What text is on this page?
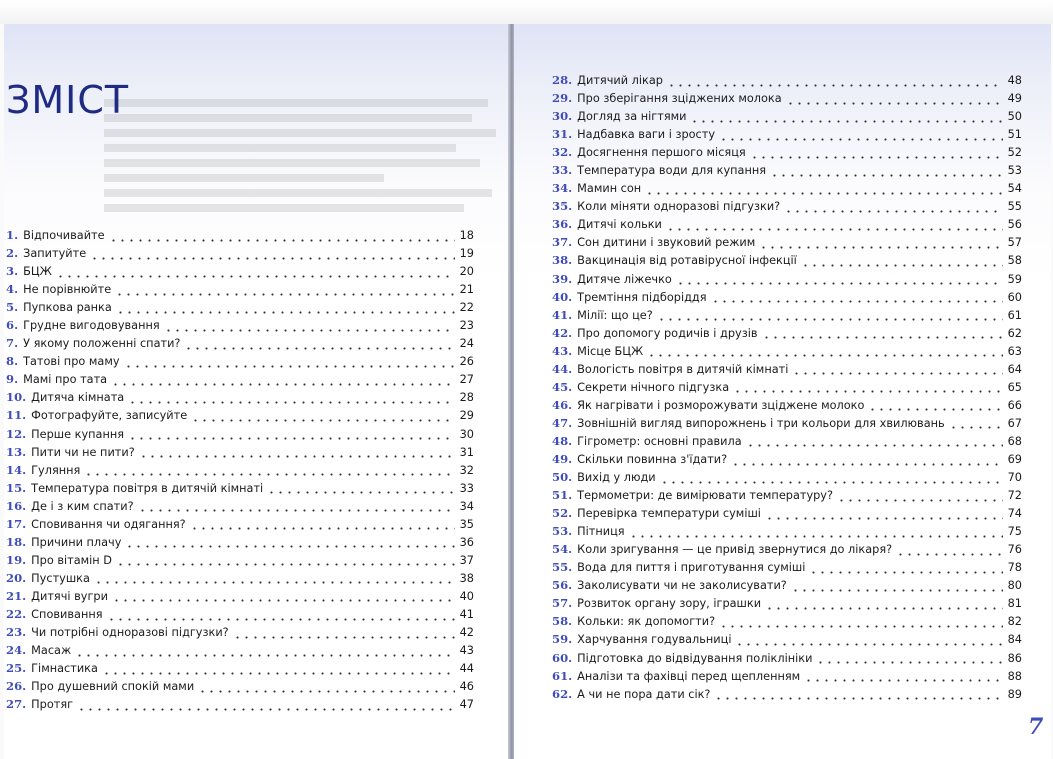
ЗМІСТ
1. Відпочивайте	18
2. Запитуйте	19
3. БЦЖ	20
4. Не порівнюйте	21
5. Пупкова ранка	22
6. Грудне вигодовування	23
7. У якому положенні спати?	24
8. Татові про маму	26
9. Мамі про тата	27
10. Дитяча кімната	28
11. Фотографуйте, записуйте	29
12. Перше купання	30
13. Пити чи не пити?	31
14. Гуляння	32
15. Температура повітря в дитячій кімнаті	33
16. Де і з ким спати?	34
17. Сповивання чи одягання?	35
18. Причини плачу	36
19. Про вітамін D	37
20. Пустушка	38
21. Дитячі вугри	40
22. Сповивання	41
23. Чи потрібні одноразові підгузки?	42
24. Масаж	43
25. Гімнастика	44
26. Про душевний спокій мами	46
27. Протяг	47
28. Дитячий лікар	48
29. Про зберігання зціджених молока	49
30. Догляд за нігтями	50
31. Надбавка ваги і зросту	51
32. Досягнення першого місяця	52
33. Температура води для купання	53
34. Мамин сон	54
35. Коли міняти одноразові підгузки?	55
36. Дитячі кольки	56
37. Сон дитини і звуковий режим	57
38. Вакцинація від ротавірусної інфекції	58
39. Дитяче ліжечко	59
40. Тремтіння підборіддя	60
41. Мілії: що це?	61
42. Про допомогу родичів і друзів	62
43. Місце БЦЖ	63
44. Вологість повітря в дитячій кімнаті	64
45. Секрети нічного підгузка	65
46. Як нагрівати і розморожувати зціджене молоко	66
47. Зовнішній вигляд випорожнень і три кольори для хвилювань	67
48. Гігрометр: основні правила	68
49. Скільки повинна з'їдати?	69
50. Вихід у люди	70
51. Термометри: де вимірювати температуру?	72
52. Перевірка температури суміші	74
53. Пітниця	75
54. Коли зригування — це привід звернутися до лікаря?	76
55. Вода для пиття і приготування суміші	78
56. Заколисувати чи не заколисувати?	80
57. Розвиток органу зору, іграшки	81
58. Кольки: як допомогти?	82
59. Харчування годувальниці	84
60. Підготовка до відвідування поліклініки	86
61. Аналізи та фахівці перед щепленням	88
62. А чи не пора дати сік?	89
7
